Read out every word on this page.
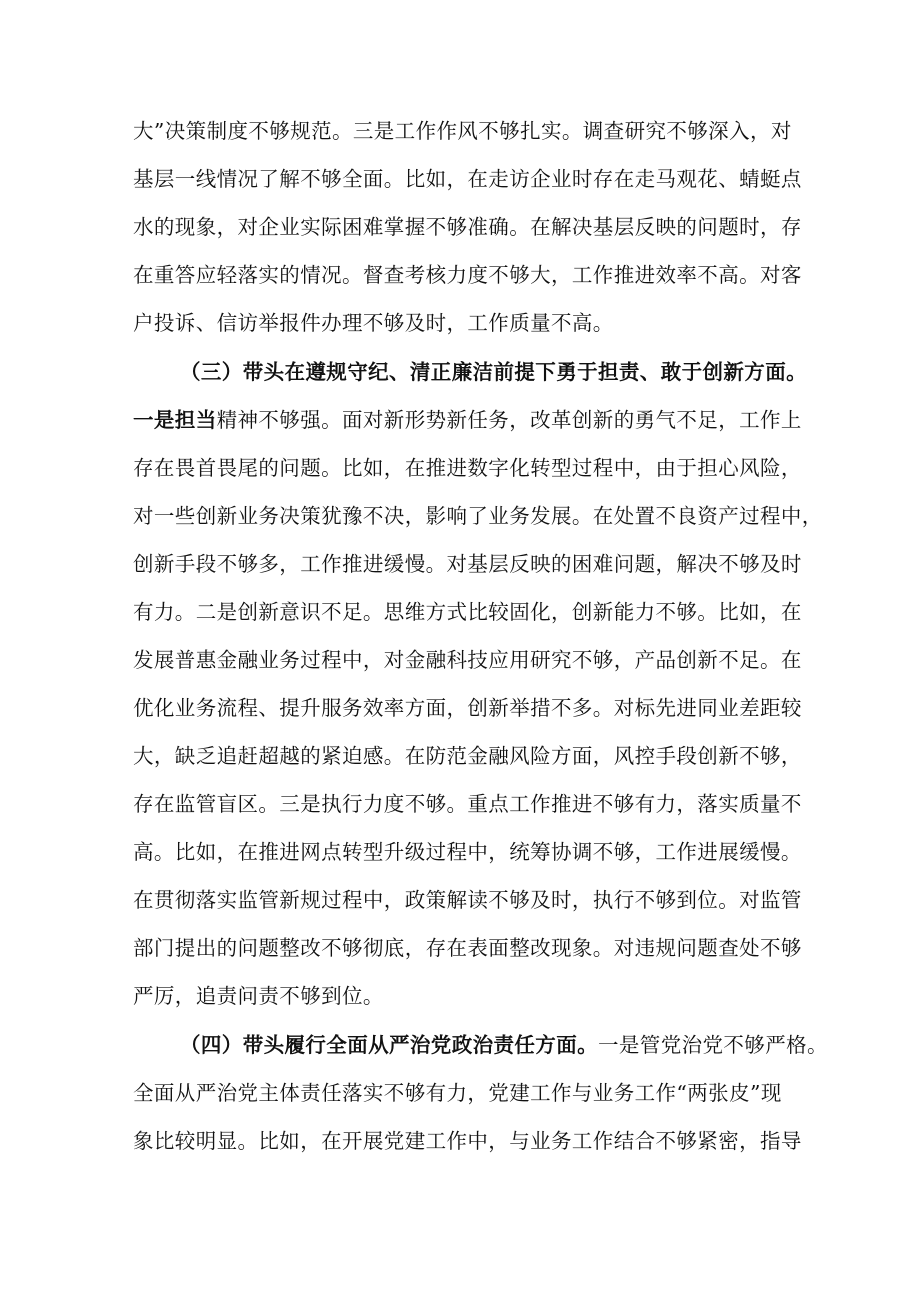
大”决策制度不够规范。三是工作作风不够扎实。调查研究不够深入，对
基层一线情况了解不够全面。比如，在走访企业时存在走马观花、蜻蜓点
水的现象，对企业实际困难掌握不够准确。在解决基层反映的问题时，存
在重答应轻落实的情况。督查考核力度不够大，工作推进效率不高。对客
户投诉、信访举报件办理不够及时，工作质量不高。
（三）带头在遵规守纪、清正廉洁前提下勇于担责、敢于创新方面。
一是担当精神不够强。面对新形势新任务，改革创新的勇气不足，工作上
存在畏首畏尾的问题。比如，在推进数字化转型过程中，由于担心风险，
对一些创新业务决策犹豫不决，影响了业务发展。在处置不良资产过程中，
创新手段不够多，工作推进缓慢。对基层反映的困难问题，解决不够及时
有力。二是创新意识不足。思维方式比较固化，创新能力不够。比如，在
发展普惠金融业务过程中，对金融科技应用研究不够，产品创新不足。在
优化业务流程、提升服务效率方面，创新举措不多。对标先进同业差距较
大，缺乏追赶超越的紧迫感。在防范金融风险方面，风控手段创新不够，
存在监管盲区。三是执行力度不够。重点工作推进不够有力，落实质量不
高。比如，在推进网点转型升级过程中，统筹协调不够，工作进展缓慢。
在贯彻落实监管新规过程中，政策解读不够及时，执行不够到位。对监管
部门提出的问题整改不够彻底，存在表面整改现象。对违规问题查处不够
严厉，追责问责不够到位。
（四）带头履行全面从严治党政治责任方面。一是管党治党不够严格。
全面从严治党主体责任落实不够有力，党建工作与业务工作“两张皮”现
象比较明显。比如，在开展党建工作中，与业务工作结合不够紧密，指导
